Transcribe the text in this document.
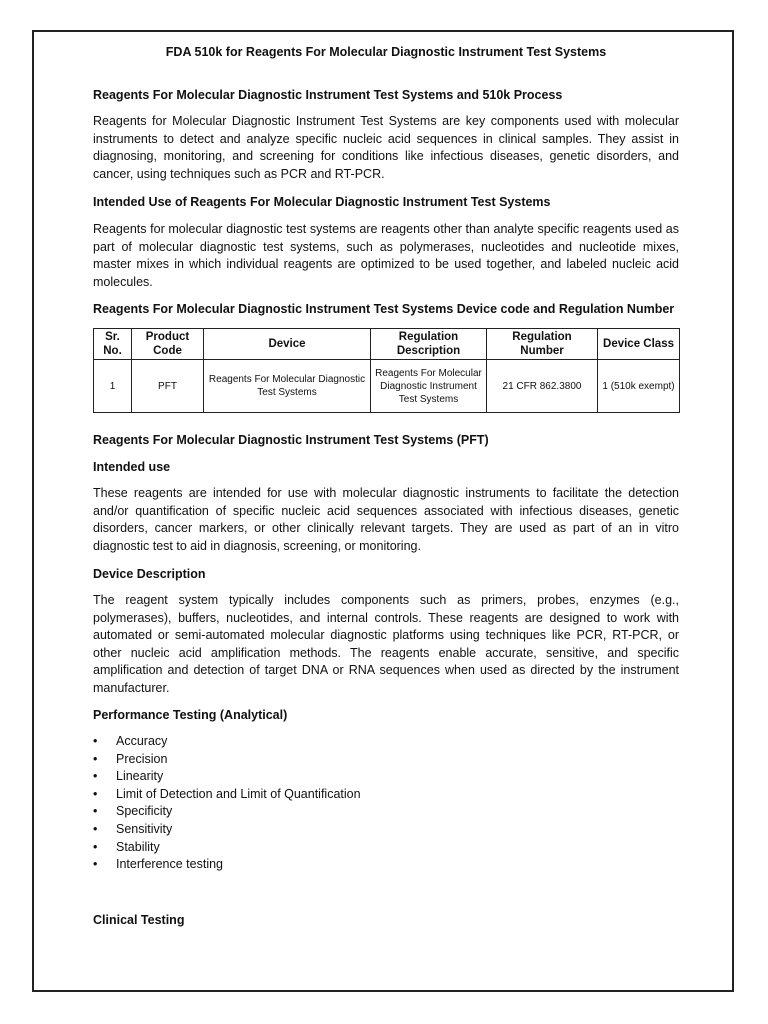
FDA 510k for Reagents For Molecular Diagnostic Instrument Test Systems
Reagents For Molecular Diagnostic Instrument Test Systems and 510k Process

Reagents for Molecular Diagnostic Instrument Test Systems are key components used with molecular instruments to detect and analyze specific nucleic acid sequences in clinical samples. They assist in diagnosing, monitoring, and screening for conditions like infectious diseases, genetic disorders, and cancer, using techniques such as PCR and RT-PCR.

Intended Use of Reagents For Molecular Diagnostic Instrument Test Systems

Reagents for molecular diagnostic test systems are reagents other than analyte specific reagents used as part of molecular diagnostic test systems, such as polymerases, nucleotides and nucleotide mixes, master mixes in which individual reagents are optimized to be used together, and labeled nucleic acid molecules.

Reagents For Molecular Diagnostic Instrument Test Systems Device code and Regulation Number
Sr. No.	Product Code	Device	Regulation Description	Regulation Number	Device Class
1	PFT	Reagents For Molecular Diagnostic Test Systems	Reagents For Molecular Diagnostic Instrument Test Systems	21 CFR 862.3800	1 (510k exempt)
Reagents For Molecular Diagnostic Instrument Test Systems (PFT)
Intended use

These reagents are intended for use with molecular diagnostic instruments to facilitate the detection and/or quantification of specific nucleic acid sequences associated with infectious diseases, genetic disorders, cancer markers, or other clinically relevant targets. They are used as part of an in vitro diagnostic test to aid in diagnosis, screening, or monitoring.

Device Description

The reagent system typically includes components such as primers, probes, enzymes (e.g., polymerases), buffers, nucleotides, and internal controls. These reagents are designed to work with automated or semi-automated molecular diagnostic platforms using techniques like PCR, RT-PCR, or other nucleic acid amplification methods. The reagents enable accurate, sensitive, and specific amplification and detection of target DNA or RNA sequences when used as directed by the instrument manufacturer.

Performance Testing (Analytical)
• Accuracy
• Precision
• Linearity
• Limit of Detection and Limit of Quantification
• Specificity
• Sensitivity
• Stability
• Interference testing
Clinical Testing
